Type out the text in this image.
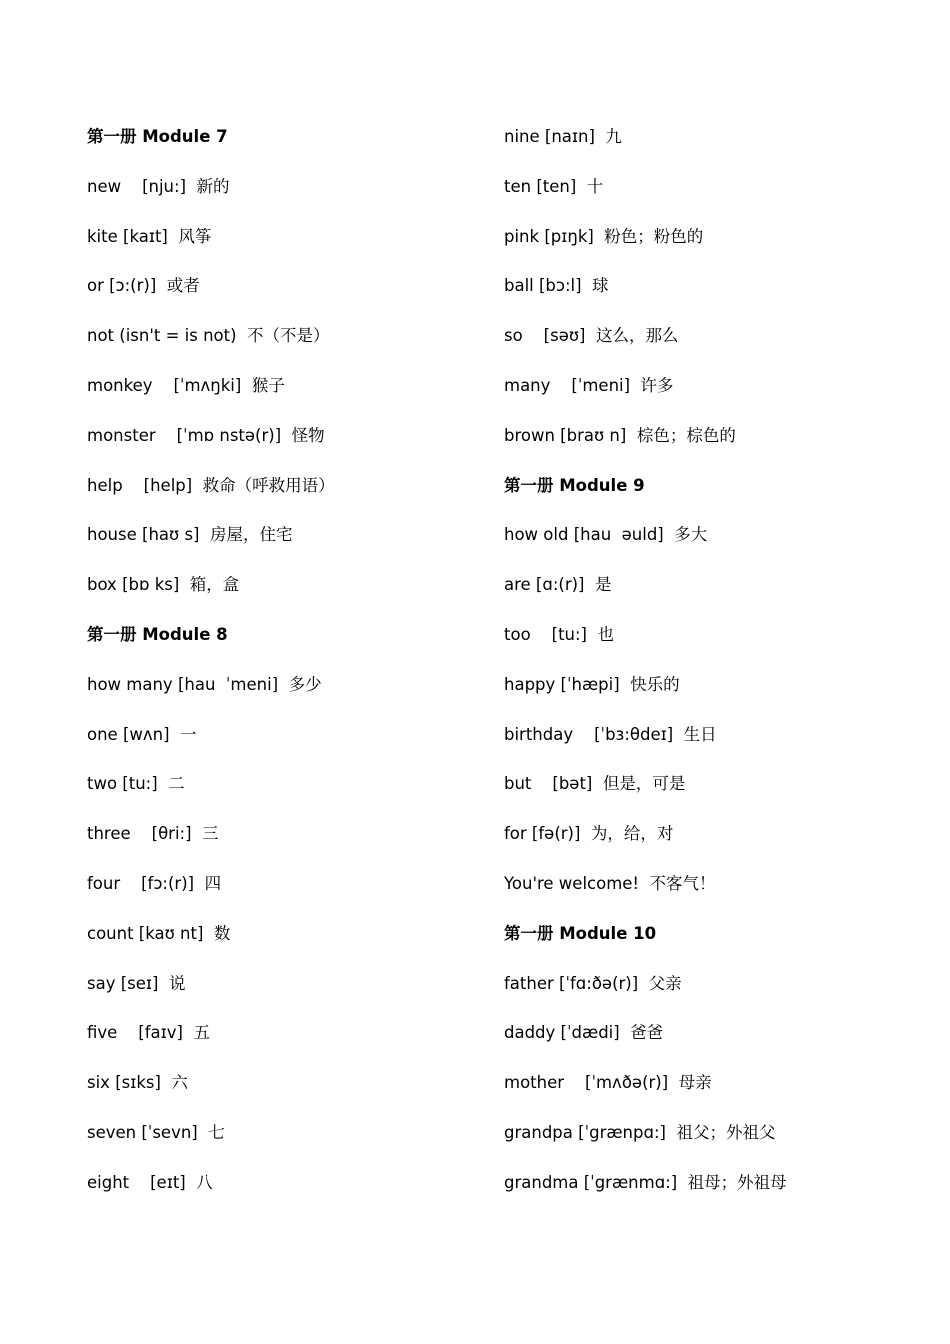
第一册 Module 7
new    [nju:]  新的
kite [kaɪt]  风筝
or [ɔ:(r)]  或者
not (isn't = is not)  不（不是）
monkey    [ˈmʌŋki]  猴子
monster    [ˈmɒ nstə(r)]  怪物
help    [help]  救命（呼救用语）
house [haʊ s]  房屋，住宅
box [bɒ ks]  箱，盒
第一册 Module 8
how many [hau  ˈmeni]  多少
one [wʌn]  一
two [tu:]  二
three    [θri:]  三
four    [fɔ:(r)]  四
count [kaʊ nt]  数
say [seɪ]  说
five    [faɪv]  五
six [sɪks]  六
seven [ˈsevn]  七
eight    [eɪt]  八
nine [naɪn]  九
ten [ten]  十
pink [pɪŋk]  粉色；粉色的
ball [bɔ:l]  球
so    [səʊ]  这么，那么
many    [ˈmeni]  许多
brown [braʊ n]  棕色；棕色的
第一册 Module 9
how old [hau  əuld]  多大
are [ɑ:(r)]  是
too    [tu:]  也
happy [ˈhæpi]  快乐的
birthday    [ˈbɜ:θdeɪ]  生日
but    [bət]  但是，可是
for [fə(r)]  为，给，对
You're welcome!  不客气！
第一册 Module 10
father [ˈfɑ:ðə(r)]  父亲
daddy [ˈdædi]  爸爸
mother    [ˈmʌðə(r)]  母亲
grandpa [ˈgrænpɑ:]  祖父；外祖父
grandma [ˈgrænmɑ:]  祖母；外祖母
